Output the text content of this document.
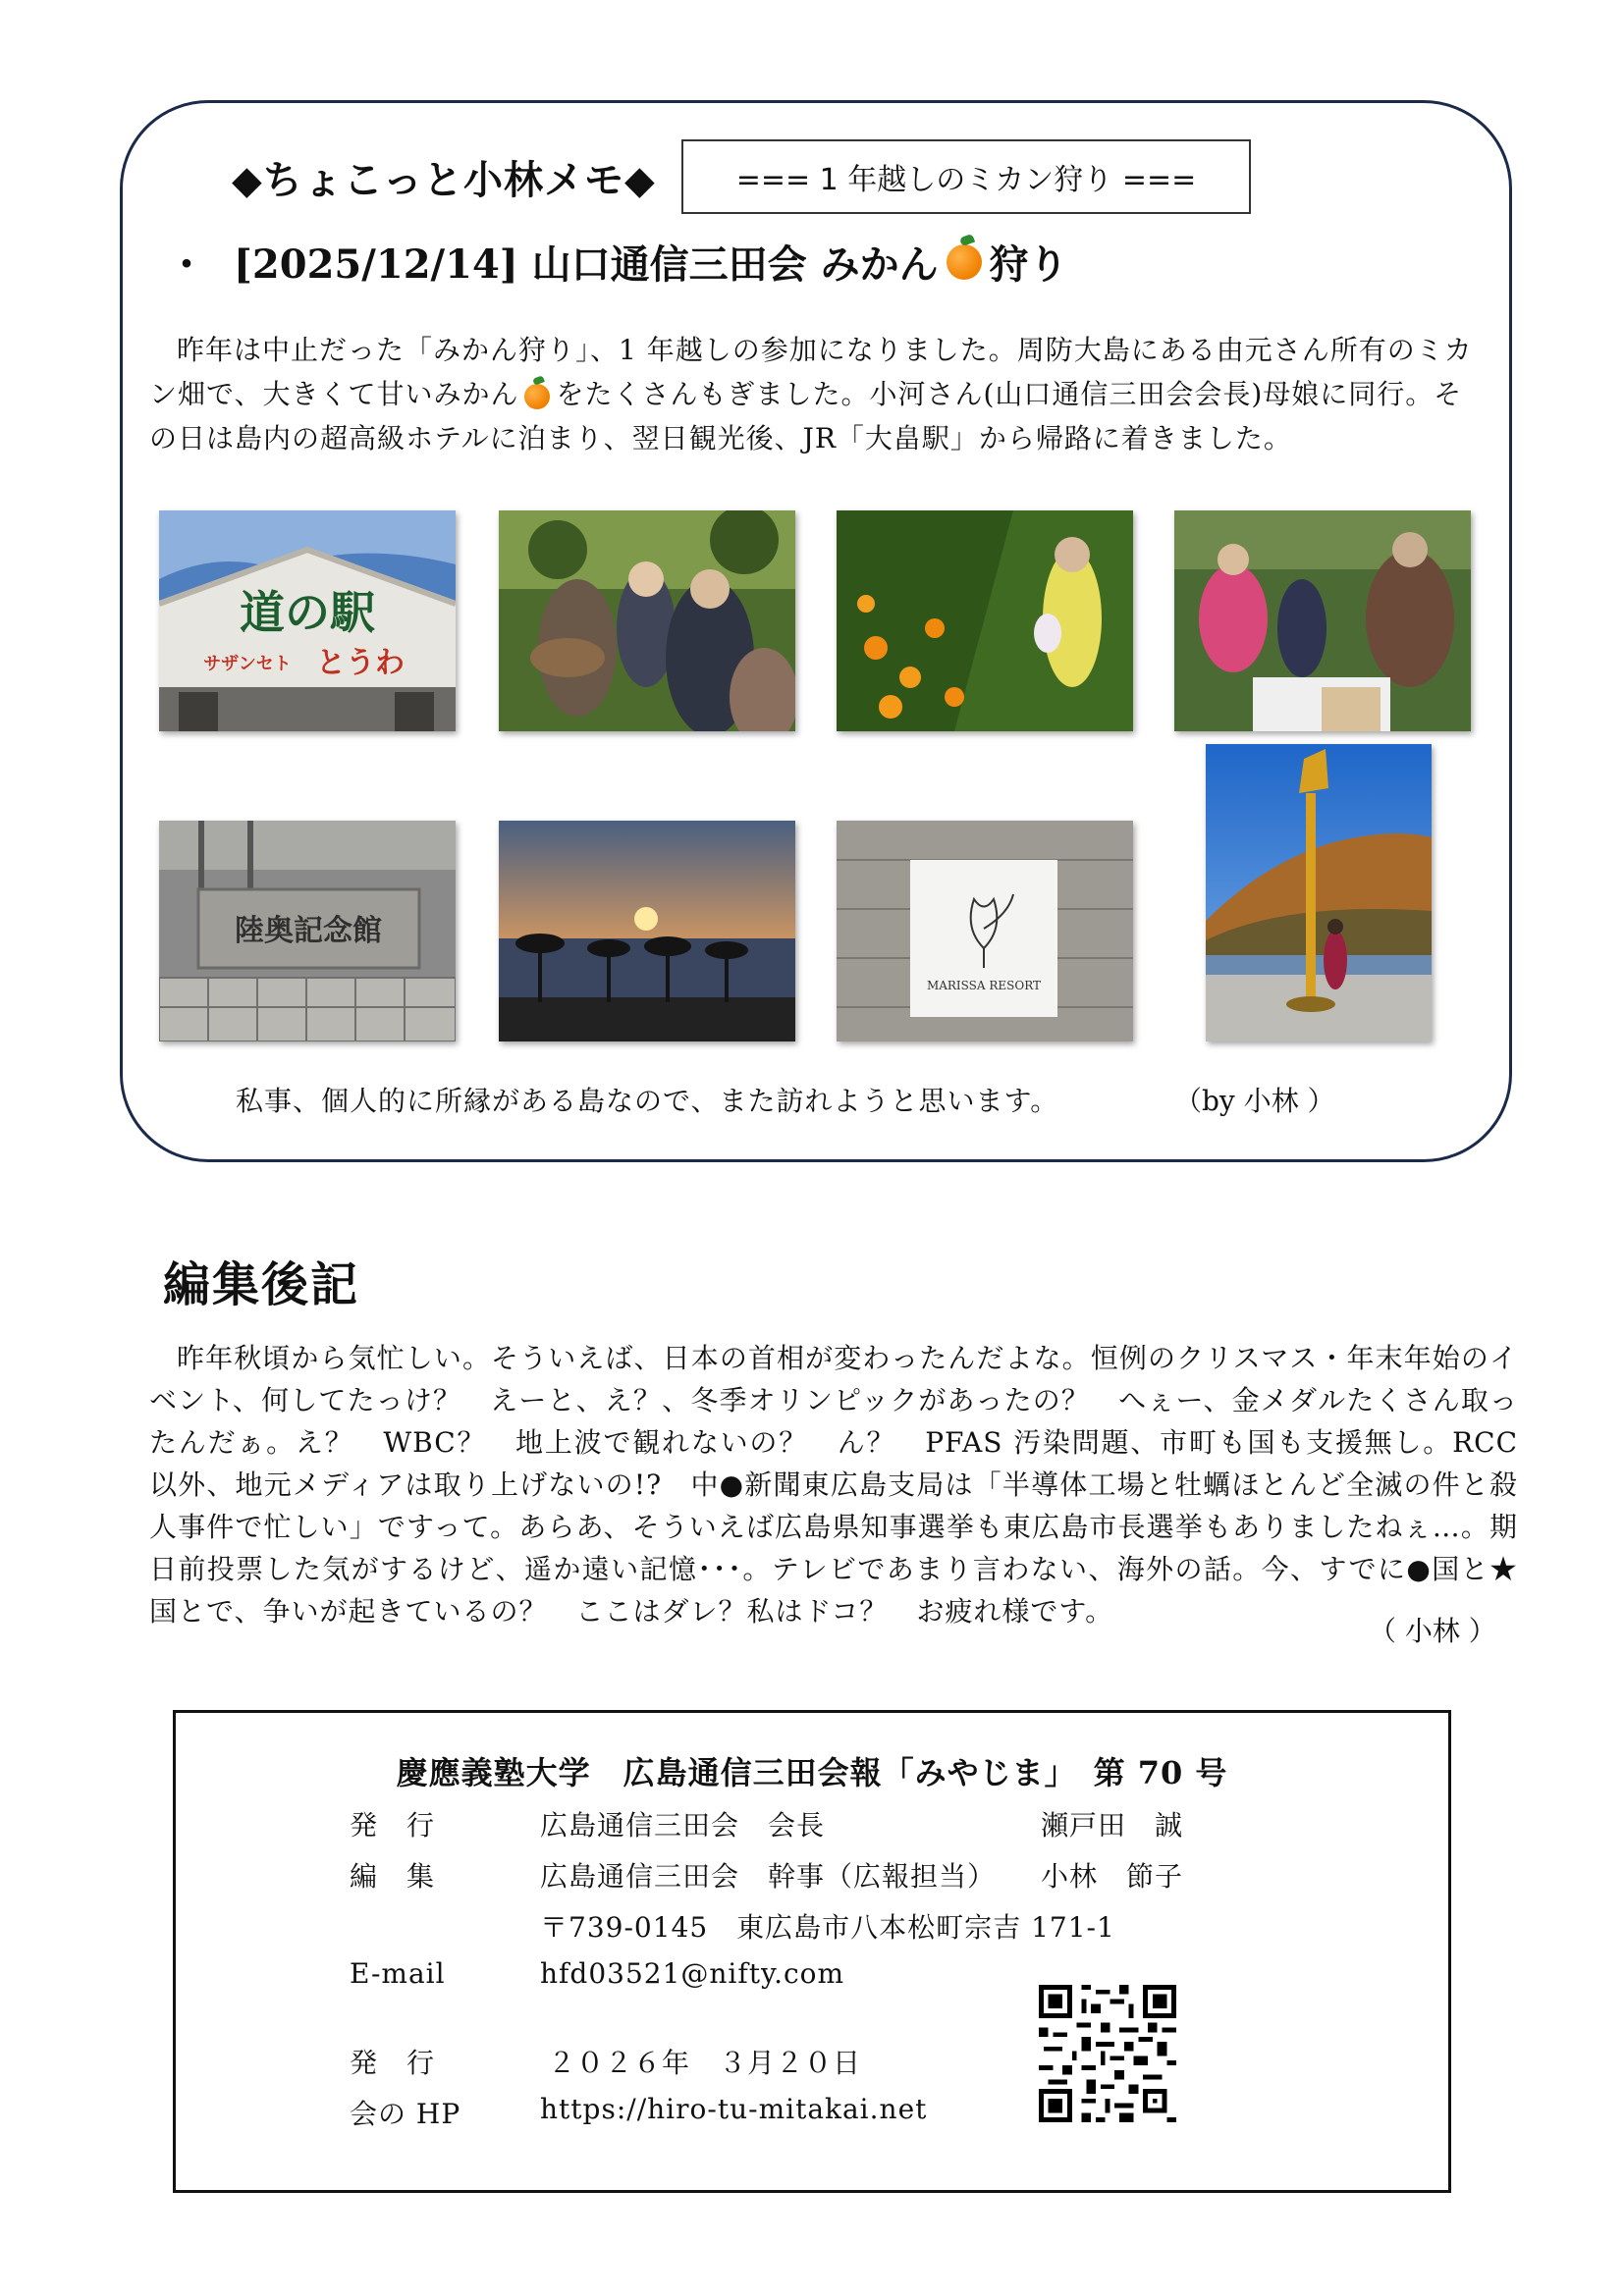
◆ちょこっと小林メモ◆	=== 1 年越しのミカン狩り ===
・ [2025/12/14] 山口通信三田会 みかん 狩り
昨年は中止だった「みかん狩り」、1 年越しの参加になりました。周防大島にある由元さん所有のミカン畑で、大きくて甘いみかん をたくさんもぎました。小河さん(山口通信三田会会長)母娘に同行。その日は島内の超高級ホテルに泊まり、翌日観光後、JR「大畠駅」から帰路に着きました。
道の駅
サザンセト とうわ
陸奥記念館
MARISSA RESORT
私事、個人的に所縁がある島なので、また訪れようと思います。	（by 小林 ）
編集後記
昨年秋頃から気忙しい。そういえば、日本の首相が変わったんだよな。恒例のクリスマス・年末年始のイベント、何してたっけ？　えーと、え？、冬季オリンピックがあったの？　へぇー、金メダルたくさん取ったんだぁ。え？　WBC？　地上波で観れないの？　ん？　PFAS 汚染問題、市町も国も支援無し。RCC 以外、地元メディアは取り上げないの!?　中●新聞東広島支局は「半導体工場と牡蠣ほとんど全滅の件と殺人事件で忙しい」ですって。あらあ、そういえば広島県知事選挙も東広島市長選挙もありましたねぇ…。期日前投票した気がするけど、遥か遠い記憶･･･。テレビであまり言わない、海外の話。今、すでに●国と★国とで、争いが起きているの？　ここはダレ？私はドコ？　お疲れ様です。
（ 小林 ）
慶應義塾大学　広島通信三田会報「みやじま」　第 70 号
発　行	広島通信三田会　会長	瀬戸田　誠
編　集	広島通信三田会　幹事（広報担当） 小林　節子
〒739-0145　東広島市八本松町宗吉 171-1
E-mail	hfd03521@nifty.com
発　行	２０２６年　３月２０日
会の HP	https://hiro-tu-mitakai.net
